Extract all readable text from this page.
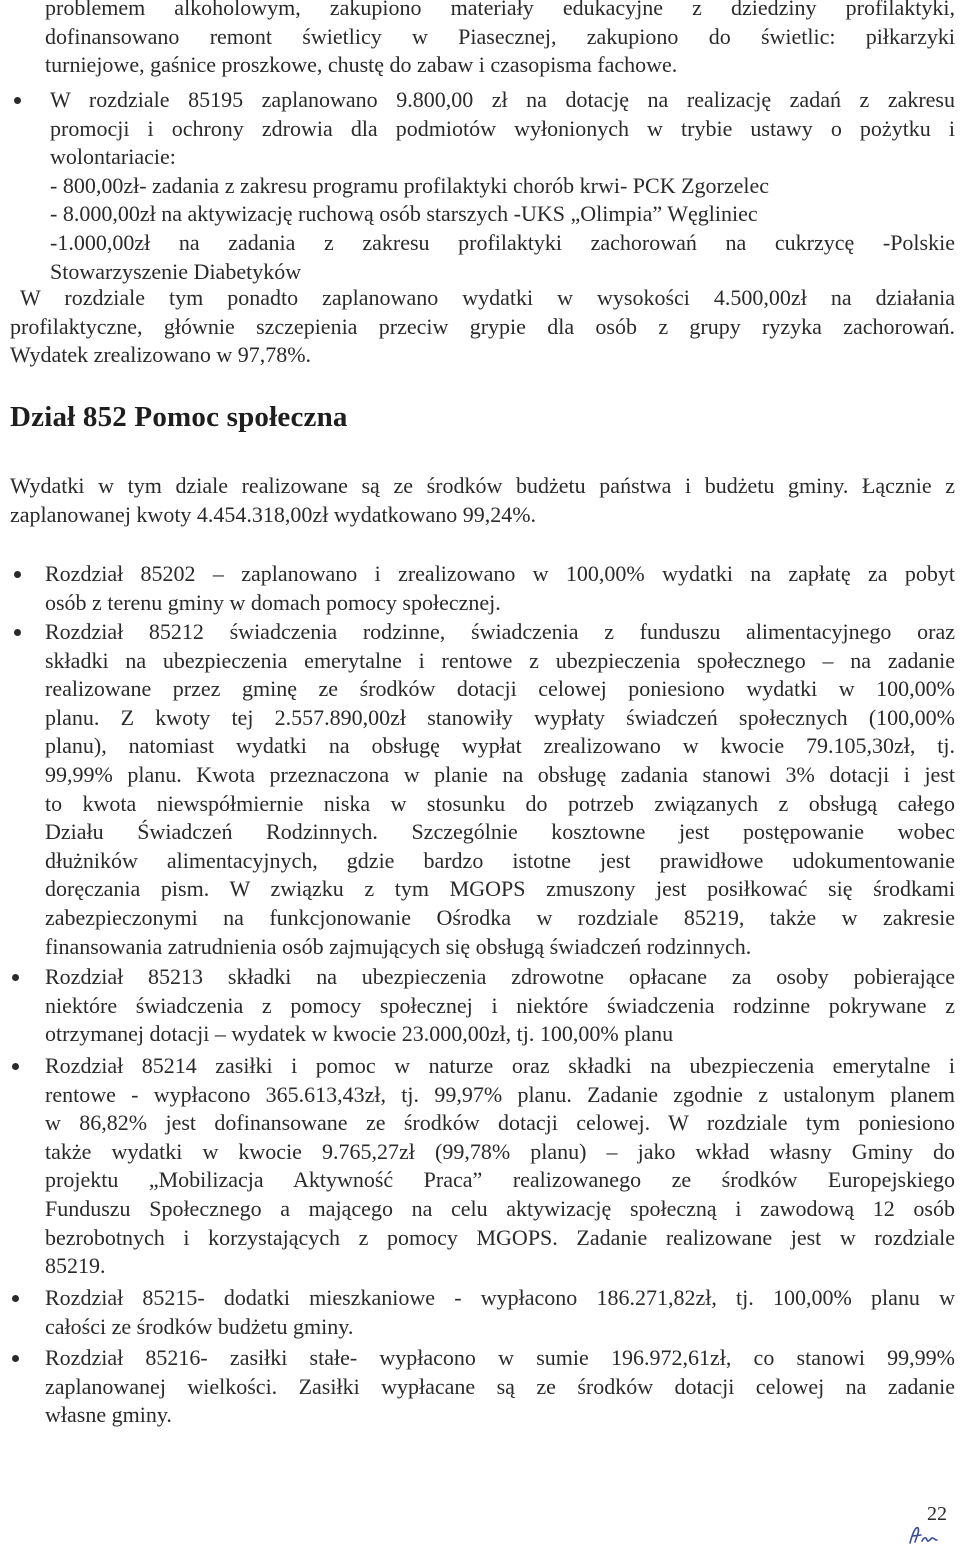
problemem alkoholowym, zakupiono materiały edukacyjne z dziedziny profilaktyki,
dofinansowano remont świetlicy w Piasecznej, zakupiono do świetlic: piłkarzyki
turniejowe, gaśnice proszkowe, chustę do zabaw i czasopisma fachowe.
W rozdziale 85195 zaplanowano 9.800,00 zł na dotację na realizację zadań z zakresu
promocji i ochrony zdrowia dla podmiotów wyłonionych w trybie ustawy o pożytku i
wolontariacie:
- 800,00zł- zadania z zakresu programu profilaktyki chorób krwi- PCK Zgorzelec
- 8.000,00zł na aktywizację ruchową osób starszych -UKS „Olimpia” Węgliniec
-1.000,00zł na zadania z zakresu profilaktyki zachorowań na cukrzycę -Polskie
Stowarzyszenie Diabetyków
W rozdziale tym ponadto zaplanowano wydatki w wysokości 4.500,00zł na działania
profilaktyczne, głównie szczepienia przeciw grypie dla osób z grupy ryzyka zachorowań.
Wydatek zrealizowano w 97,78%.
Dział 852 Pomoc społeczna
Wydatki w tym dziale realizowane są ze środków budżetu państwa i budżetu gminy. Łącznie z
zaplanowanej kwoty 4.454.318,00zł wydatkowano 99,24%.
Rozdział 85202 – zaplanowano i zrealizowano w 100,00% wydatki na zapłatę za pobyt
osób z terenu gminy w domach pomocy społecznej.
Rozdział 85212 świadczenia rodzinne, świadczenia z funduszu alimentacyjnego oraz
składki na ubezpieczenia emerytalne i rentowe z ubezpieczenia społecznego – na zadanie
realizowane przez gminę ze środków dotacji celowej poniesiono wydatki w 100,00%
planu. Z kwoty tej 2.557.890,00zł stanowiły wypłaty świadczeń społecznych (100,00%
planu), natomiast wydatki na obsługę wypłat zrealizowano w kwocie 79.105,30zł, tj.
99,99% planu. Kwota przeznaczona w planie na obsługę zadania stanowi 3% dotacji i jest
to kwota niewspółmiernie niska w stosunku do potrzeb związanych z obsługą całego
Działu Świadczeń Rodzinnych. Szczególnie kosztowne jest postępowanie wobec
dłużników alimentacyjnych, gdzie bardzo istotne jest prawidłowe udokumentowanie
doręczania pism. W związku z tym MGOPS zmuszony jest posiłkować się środkami
zabezpieczonymi na funkcjonowanie Ośrodka w rozdziale 85219, także w zakresie
finansowania zatrudnienia osób zajmujących się obsługą świadczeń rodzinnych.
Rozdział 85213 składki na ubezpieczenia zdrowotne opłacane za osoby pobierające
niektóre świadczenia z pomocy społecznej i niektóre świadczenia rodzinne pokrywane z
otrzymanej dotacji – wydatek w kwocie 23.000,00zł, tj. 100,00% planu
Rozdział 85214 zasiłki i pomoc w naturze oraz składki na ubezpieczenia emerytalne i
rentowe - wypłacono 365.613,43zł, tj. 99,97% planu. Zadanie zgodnie z ustalonym planem
w 86,82% jest dofinansowane ze środków dotacji celowej. W rozdziale tym poniesiono
także wydatki w kwocie 9.765,27zł (99,78% planu) – jako wkład własny Gminy do
projektu „Mobilizacja Aktywność Praca” realizowanego ze środków Europejskiego
Funduszu Społecznego a mającego na celu aktywizację społeczną i zawodową 12 osób
bezrobotnych i korzystających z pomocy MGOPS. Zadanie realizowane jest w rozdziale
85219.
Rozdział 85215- dodatki mieszkaniowe - wypłacono 186.271,82zł, tj. 100,00% planu w
całości ze środków budżetu gminy.
Rozdział 85216- zasiłki stałe- wypłacono w sumie 196.972,61zł, co stanowi 99,99%
zaplanowanej wielkości. Zasiłki wypłacane są ze środków dotacji celowej na zadanie
własne gminy.
22
